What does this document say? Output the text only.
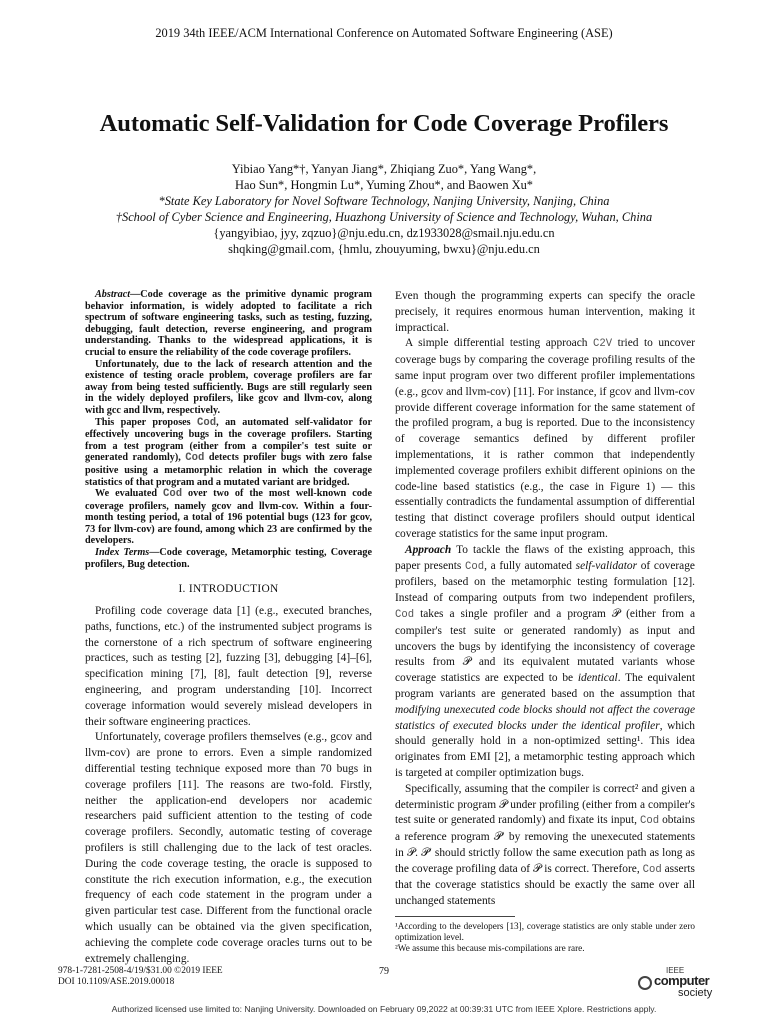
2019 34th IEEE/ACM International Conference on Automated Software Engineering (ASE)
Automatic Self-Validation for Code Coverage Profilers
Yibiao Yang*†, Yanyan Jiang*, Zhiqiang Zuo*, Yang Wang*,
Hao Sun*, Hongmin Lu*, Yuming Zhou*, and Baowen Xu*
*State Key Laboratory for Novel Software Technology, Nanjing University, Nanjing, China
†School of Cyber Science and Engineering, Huazhong University of Science and Technology, Wuhan, China
{yangyibiao, jyy, zqzuo}@nju.edu.cn, dz1933028@smail.nju.edu.cn
shqking@gmail.com, {hmlu, zhouyuming, bwxu}@nju.edu.cn

Abstract—Code coverage as the primitive dynamic program behavior information, is widely adopted to facilitate a rich spectrum of software engineering tasks, such as testing, fuzzing, debugging, fault detection, reverse engineering, and program understanding. Thanks to the widespread applications, it is crucial to ensure the reliability of the code coverage profilers.

Unfortunately, due to the lack of research attention and the existence of testing oracle problem, coverage profilers are far away from being tested sufficiently. Bugs are still regularly seen in the widely deployed profilers, like gcov and llvm-cov, along with gcc and llvm, respectively.

This paper proposes Cod, an automated self-validator for effectively uncovering bugs in the coverage profilers. Starting from a test program (either from a compiler's test suite or generated randomly), Cod detects profiler bugs with zero false positive using a metamorphic relation in which the coverage statistics of that program and a mutated variant are bridged.

We evaluated Cod over two of the most well-known code coverage profilers, namely gcov and llvm-cov. Within a four-month testing period, a total of 196 potential bugs (123 for gcov, 73 for llvm-cov) are found, among which 23 are confirmed by the developers.

Index Terms—Code coverage, Metamorphic testing, Coverage profilers, Bug detection.

I. INTRODUCTION

Profiling code coverage data [1] (e.g., executed branches, paths, functions, etc.) of the instrumented subject programs is the cornerstone of a rich spectrum of software engineering practices, such as testing [2], fuzzing [3], debugging [4]–[6], specification mining [7], [8], fault detection [9], reverse engineering, and program understanding [10]. Incorrect coverage information would severely mislead developers in their software engineering practices.

Unfortunately, coverage profilers themselves (e.g., gcov and llvm-cov) are prone to errors. Even a simple randomized differential testing technique exposed more than 70 bugs in coverage profilers [11]. The reasons are two-fold. Firstly, neither the application-end developers nor academic researchers paid sufficient attention to the testing of code coverage profilers. Secondly, automatic testing of coverage profilers is still challenging due to the lack of test oracles. During the code coverage testing, the oracle is supposed to constitute the rich execution information, e.g., the execution frequency of each code statement in the program under a given particular test case. Different from the functional oracle which usually can be obtained via the given specification, achieving the complete code coverage oracles turns out to be extremely challenging.

Even though the programming experts can specify the oracle precisely, it requires enormous human intervention, making it impractical.

A simple differential testing approach C2V tried to uncover coverage bugs by comparing the coverage profiling results of the same input program over two different profiler implementations (e.g., gcov and llvm-cov) [11]. For instance, if gcov and llvm-cov provide different coverage information for the same statement of the profiled program, a bug is reported. Due to the inconsistency of coverage semantics defined by different profiler implementations, it is rather common that independently implemented coverage profilers exhibit different opinions on the code-line based statistics (e.g., the case in Figure 1) — this essentially contradicts the fundamental assumption of differential testing that distinct coverage profilers should output identical coverage statistics for the same input program.

Approach To tackle the flaws of the existing approach, this paper presents Cod, a fully automated self-validator of coverage profilers, based on the metamorphic testing formulation [12]. Instead of comparing outputs from two independent profilers, Cod takes a single profiler and a program 𝒫 (either from a compiler's test suite or generated randomly) as input and uncovers the bugs by identifying the inconsistency of coverage results from 𝒫 and its equivalent mutated variants whose coverage statistics are expected to be identical. The equivalent program variants are generated based on the assumption that modifying unexecuted code blocks should not affect the coverage statistics of executed blocks under the identical profiler, which should generally hold in a non-optimized setting¹. This idea originates from EMI [2], a metamorphic testing approach which is targeted at compiler optimization bugs.

Specifically, assuming that the compiler is correct² and given a deterministic program 𝒫 under profiling (either from a compiler's test suite or generated randomly) and fixate its input, Cod obtains a reference program 𝒫′ by removing the unexecuted statements in 𝒫. 𝒫′ should strictly follow the same execution path as long as the coverage profiling data of 𝒫 is correct. Therefore, Cod asserts that the coverage statistics should be exactly the same over all unchanged statements

¹According to the developers [13], coverage statistics are only stable under zero optimization level.

²We assume this because mis-compilations are rare.

978-1-7281-2508-4/19/$31.00 ©2019 IEEE
DOI 10.1109/ASE.2019.00018
79	IEEE
computer
society
Authorized licensed use limited to: Nanjing University. Downloaded on February 09,2022 at 00:39:31 UTC from IEEE Xplore. Restrictions apply.
